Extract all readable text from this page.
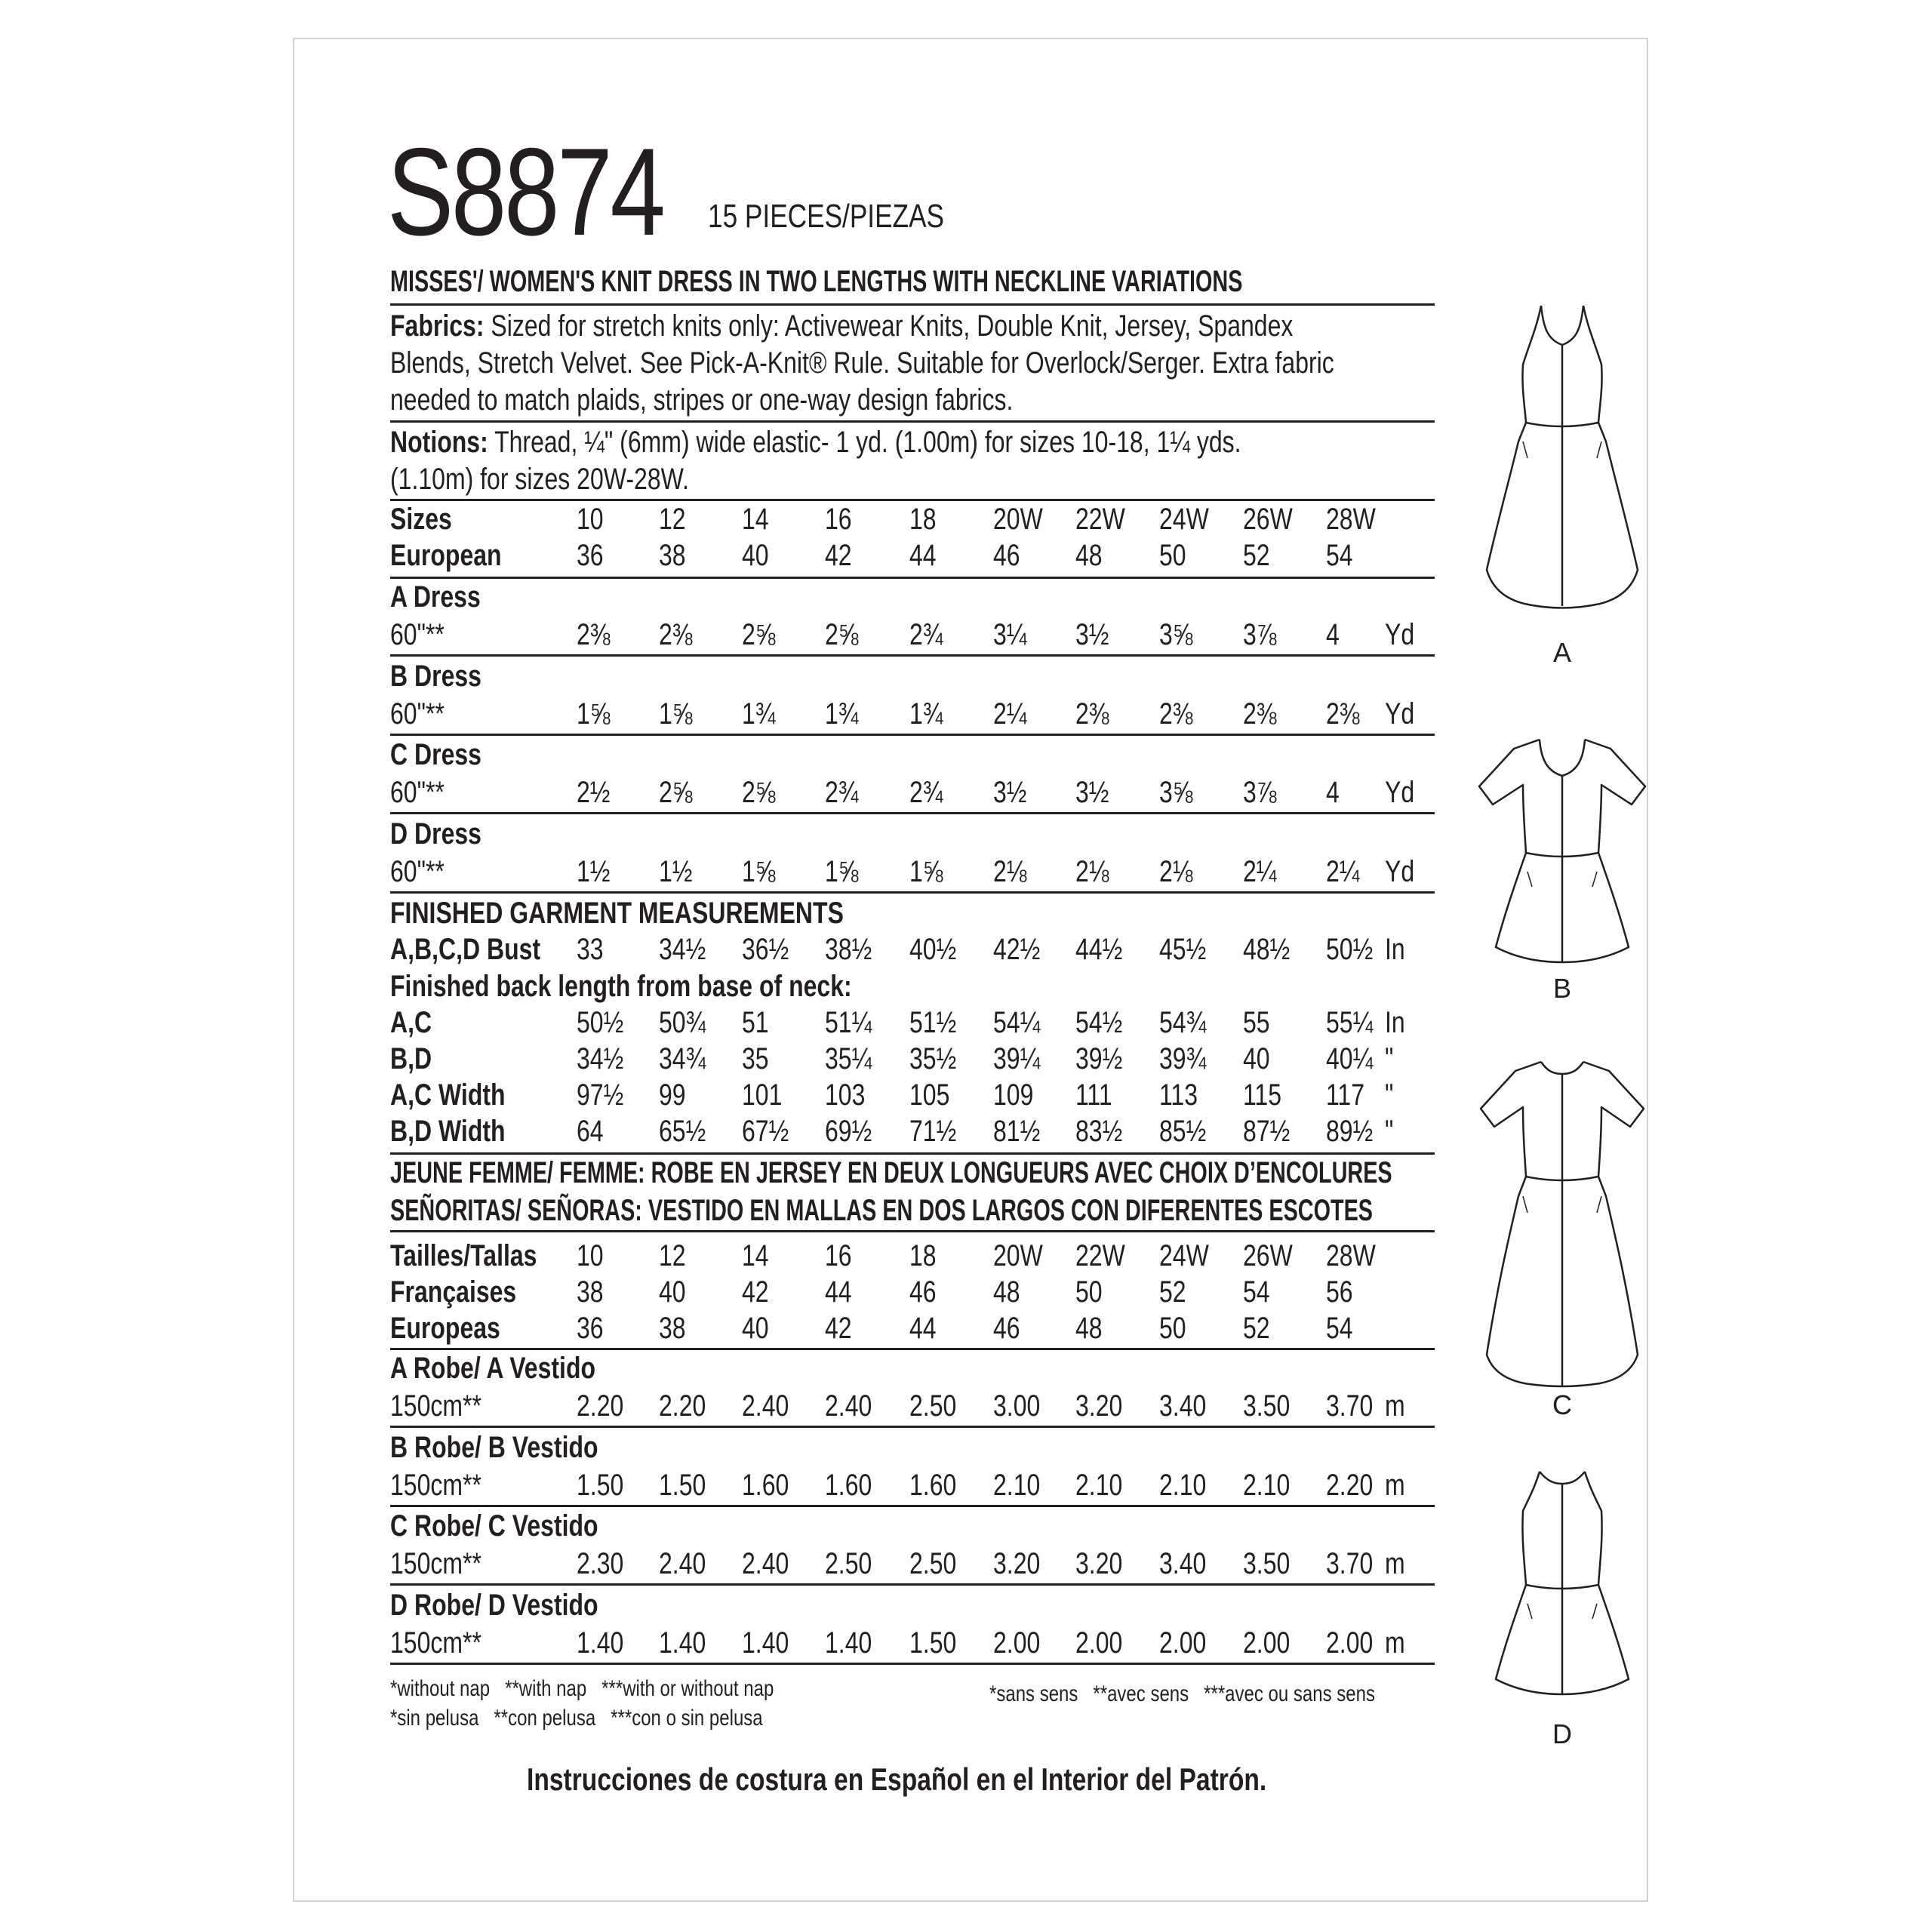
S8874	15 PIECES/PIEZAS
MISSES'/ WOMEN'S KNIT DRESS IN TWO LENGTHS WITH NECKLINE VARIATIONS
Fabrics: Sized for stretch knits only: Activewear Knits, Double Knit, Jersey, Spandex
Blends, Stretch Velvet. See Pick-A-Knit® Rule. Suitable for Overlock/Serger. Extra fabric
needed to match plaids, stripes or one-way design fabrics.
Notions: Thread, ¼" (6mm) wide elastic- 1 yd. (1.00m) for sizes 10-18, 1¼ yds.
(1.10m) for sizes 20W-28W.
Sizes	10 12 14 16 18 20W 22W 24W 26W 28W
European 36 38 40 42 44 46 48 50 52 54
A Dress
60"**	2⅜ 2⅜ 2⅝ 2⅝ 2¾ 3¼ 3½ 3⅝ 3⅞ 4 Yd
B Dress
60"**	1⅝ 1⅝ 1¾ 1¾ 1¾ 2¼ 2⅜ 2⅜ 2⅜ 2⅜ Yd
C Dress
60"**	2½ 2⅝ 2⅝ 2¾ 2¾ 3½ 3½ 3⅝ 3⅞ 4 Yd
D Dress
60"**	1½ 1½ 1⅝ 1⅝ 1⅝ 2⅛ 2⅛ 2⅛ 2¼ 2¼ Yd
FINISHED GARMENT MEASUREMENTS
A,B,C,D Bust 33 34½ 36½ 38½ 40½ 42½ 44½ 45½ 48½ 50½ In
Finished back length from base of neck:
A,C	50½ 50¾ 51 51¼ 51½ 54¼ 54½ 54¾ 55 55¼ In
B,D	34½ 34¾ 35 35¼ 35½ 39¼ 39½ 39¾ 40 40¼ "
A,C Width 97½ 99 101 103 105 109 111 113 115 117 "
B,D Width 64 65½ 67½ 69½ 71½ 81½ 83½ 85½ 87½ 89½ "
Tailles/Tallas 10 12 14 16 18 20W 22W 24W 26W 28W
Françaises 38 40 42 44 46 48 50 52 54 56
Europeas	36 38 40 42 44 46 48 50 52 54
A Robe/ A Vestido
150cm**	2.20 2.20 2.40 2.40 2.50 3.00 3.20 3.40 3.50 3.70 m
B Robe/ B Vestido
150cm**	1.50 1.50 1.60 1.60 1.60 2.10 2.10 2.10 2.10 2.20 m
C Robe/ C Vestido
150cm**	2.30 2.40 2.40 2.50 2.50 3.20 3.20 3.40 3.50 3.70 m
D Robe/ D Vestido
150cm**	1.40 1.40 1.40 1.40 1.50 2.00 2.00 2.00 2.00 2.00 m
JEUNE FEMME/ FEMME: ROBE EN JERSEY EN DEUX LONGUEURS AVEC CHOIX D’ENCOLURES
SEÑORITAS/ SEÑORAS: VESTIDO EN MALLAS EN DOS LARGOS CON DIFERENTES ESCOTES
*without nap   **with nap   ***with or without nap
*sin pelusa   **con pelusa   ***con o sin pelusa
*sans sens   **avec sens   ***avec ou sans sens
Instrucciones de costura en Español en el Interior del Patrón.
A
B
C
D
